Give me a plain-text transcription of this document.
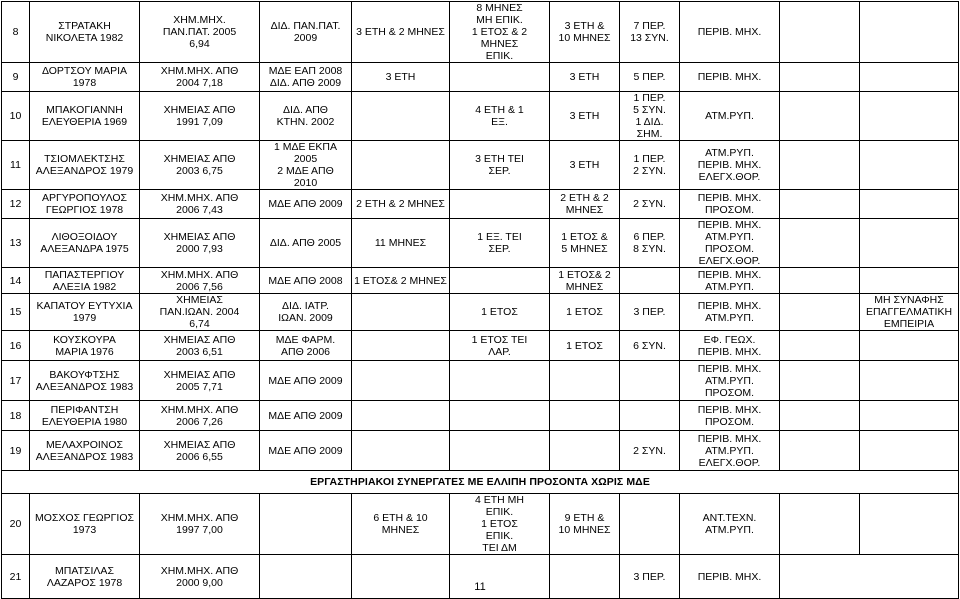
8	ΣΤΡΑΤΑΚΗ
ΝΙΚΟΛΕΤΑ 1982	ΧΗΜ.ΜΗΧ.
ΠΑΝ.ΠΑΤ. 2005
6,94	ΔΙΔ. ΠΑΝ.ΠΑΤ.
2009	3 ΕΤΗ & 2 ΜΗΝΕΣ	8 ΜΗΝΕΣ
ΜΗ ΕΠΙΚ.
1 ΕΤΟΣ & 2
ΜΗΝΕΣ
ΕΠΙΚ.	3 ΕΤΗ &
10 ΜΗΝΕΣ	7 ΠΕΡ.
13 ΣΥΝ.	ΠΕΡΙΒ. ΜΗΧ.		
9	ΔΟΡΤΣΟΥ ΜΑΡΙΑ
1978	ΧΗΜ.ΜΗΧ. ΑΠΘ
2004 7,18	ΜΔΕ ΕΑΠ 2008
ΔΙΔ. ΑΠΘ 2009	3 ΕΤΗ		3 ΕΤΗ	5 ΠΕΡ.	ΠΕΡΙΒ. ΜΗΧ.		
10	ΜΠΑΚΟΓΙΑΝΝΗ
ΕΛΕΥΘΕΡΙΑ 1969	ΧΗΜΕΙΑΣ ΑΠΘ
1991 7,09	ΔΙΔ. ΑΠΘ
ΚΤΗΝ. 2002		4 ΕΤΗ & 1
ΕΞ.	3 ΕΤΗ	1 ΠΕΡ.
5 ΣΥΝ.
1 ΔΙΔ. ΣΗΜ.	ΑΤΜ.ΡΥΠ.		
11	ΤΣΙΟΜΛΕΚΤΣΗΣ
ΑΛΕΞΑΝΔΡΟΣ 1979	ΧΗΜΕΙΑΣ ΑΠΘ
2003 6,75	1 ΜΔΕ ΕΚΠΑ
2005
2 ΜΔΕ ΑΠΘ
2010		3 ΕΤΗ ΤΕΙ
ΣΕΡ.	3 ΕΤΗ	1 ΠΕΡ.
2 ΣΥΝ.	ΑΤΜ.ΡΥΠ.
ΠΕΡΙΒ. ΜΗΧ.
ΕΛΕΓΧ.ΘΟΡ.		
12	ΑΡΓΥΡΟΠΟΥΛΟΣ
ΓΕΩΡΓΙΟΣ 1978	ΧΗΜ.ΜΗΧ. ΑΠΘ
2006 7,43	ΜΔΕ ΑΠΘ 2009	2 ΕΤΗ & 2 ΜΗΝΕΣ		2 ΕΤΗ & 2
ΜΗΝΕΣ	2 ΣΥΝ.	ΠΕΡΙΒ. ΜΗΧ.
ΠΡΟΣΟΜ.		
13	ΛΙΘΟΞΟΙΔΟΥ
ΑΛΕΞΑΝΔΡΑ 1975	ΧΗΜΕΙΑΣ ΑΠΘ
2000 7,93	ΔΙΔ. ΑΠΘ 2005	11 ΜΗΝΕΣ	1 ΕΞ. ΤΕΙ
ΣΕΡ.	1 ΕΤΟΣ &
5 ΜΗΝΕΣ	6 ΠΕΡ.
8 ΣΥΝ.	ΠΕΡΙΒ. ΜΗΧ.
ΑΤΜ.ΡΥΠ.
ΠΡΟΣΟΜ.
ΕΛΕΓΧ.ΘΟΡ.		
14	ΠΑΠΑΣΤΕΡΓΙΟΥ
ΑΛΕΞΙΑ 1982	ΧΗΜ.ΜΗΧ. ΑΠΘ
2006 7,56	ΜΔΕ ΑΠΘ 2008	1 ΕΤΟΣ& 2 ΜΗΝΕΣ		1 ΕΤΟΣ& 2
ΜΗΝΕΣ		ΠΕΡΙΒ. ΜΗΧ.
ΑΤΜ.ΡΥΠ.		
15	ΚΑΠΑΤΟΥ ΕΥΤΥΧΙΑ
1979	ΧΗΜΕΙΑΣ
ΠΑΝ.ΙΩΑΝ. 2004
6,74	ΔΙΔ. ΙΑΤΡ.
ΙΩΑΝ. 2009		1 ΕΤΟΣ	1 ΕΤΟΣ	3 ΠΕΡ.	ΠΕΡΙΒ. ΜΗΧ.
ΑΤΜ.ΡΥΠ.		ΜΗ ΣΥΝΑΦΗΣ
ΕΠΑΓΓΕΛΜΑΤΙΚΗ
ΕΜΠΕΙΡΙΑ
16	ΚΟΥΣΚΟΥΡΑ
ΜΑΡΙΑ 1976	ΧΗΜΕΙΑΣ ΑΠΘ
2003 6,51	ΜΔΕ ΦΑΡΜ.
ΑΠΘ 2006		1 ΕΤΟΣ ΤΕΙ
ΛΑΡ.	1 ΕΤΟΣ	6 ΣΥΝ.	ΕΦ. ΓΕΩΧ.
ΠΕΡΙΒ. ΜΗΧ.		
17	ΒΑΚΟΥΦΤΣΗΣ
ΑΛΕΞΑΝΔΡΟΣ 1983	ΧΗΜΕΙΑΣ ΑΠΘ
2005 7,71	ΜΔΕ ΑΠΘ 2009					ΠΕΡΙΒ. ΜΗΧ.
ΑΤΜ.ΡΥΠ.
ΠΡΟΣΟΜ.		
18	ΠΕΡΙΦΑΝΤΣΗ
ΕΛΕΥΘΕΡΙΑ 1980	ΧΗΜ.ΜΗΧ. ΑΠΘ
2006 7,26	ΜΔΕ ΑΠΘ 2009					ΠΕΡΙΒ. ΜΗΧ.
ΠΡΟΣΟΜ.		
19	ΜΕΛΑΧΡΟΙΝΟΣ
ΑΛΕΞΑΝΔΡΟΣ 1983	ΧΗΜΕΙΑΣ ΑΠΘ
2006 6,55	ΜΔΕ ΑΠΘ 2009				2 ΣΥΝ.	ΠΕΡΙΒ. ΜΗΧ.
ΑΤΜ.ΡΥΠ.
ΕΛΕΓΧ.ΘΟΡ.		
ΕΡΓΑΣΤΗΡΙΑΚΟΙ ΣΥΝΕΡΓΑΤΕΣ ΜΕ ΕΛΛΙΠΗ ΠΡΟΣΟΝΤΑ ΧΩΡΙΣ ΜΔΕ										
20	ΜΟΣΧΟΣ ΓΕΩΡΓΙΟΣ
1973	ΧΗΜ.ΜΗΧ. ΑΠΘ
1997 7,00		6 ΕΤΗ & 10 ΜΗΝΕΣ	4 ΕΤΗ ΜΗ
ΕΠΙΚ.
1 ΕΤΟΣ
ΕΠΙΚ.
ΤΕΙ ΔΜ	9 ΕΤΗ &
10 ΜΗΝΕΣ		ΑΝΤ.ΤΕΧΝ.
ΑΤΜ.ΡΥΠ.		
21	ΜΠΑΤΣΙΛΑΣ
ΛΑΖΑΡΟΣ 1978	ΧΗΜ.ΜΗΧ. ΑΠΘ
2000 9,00					3 ΠΕΡ.	ΠΕΡΙΒ. ΜΗΧ.		
11
